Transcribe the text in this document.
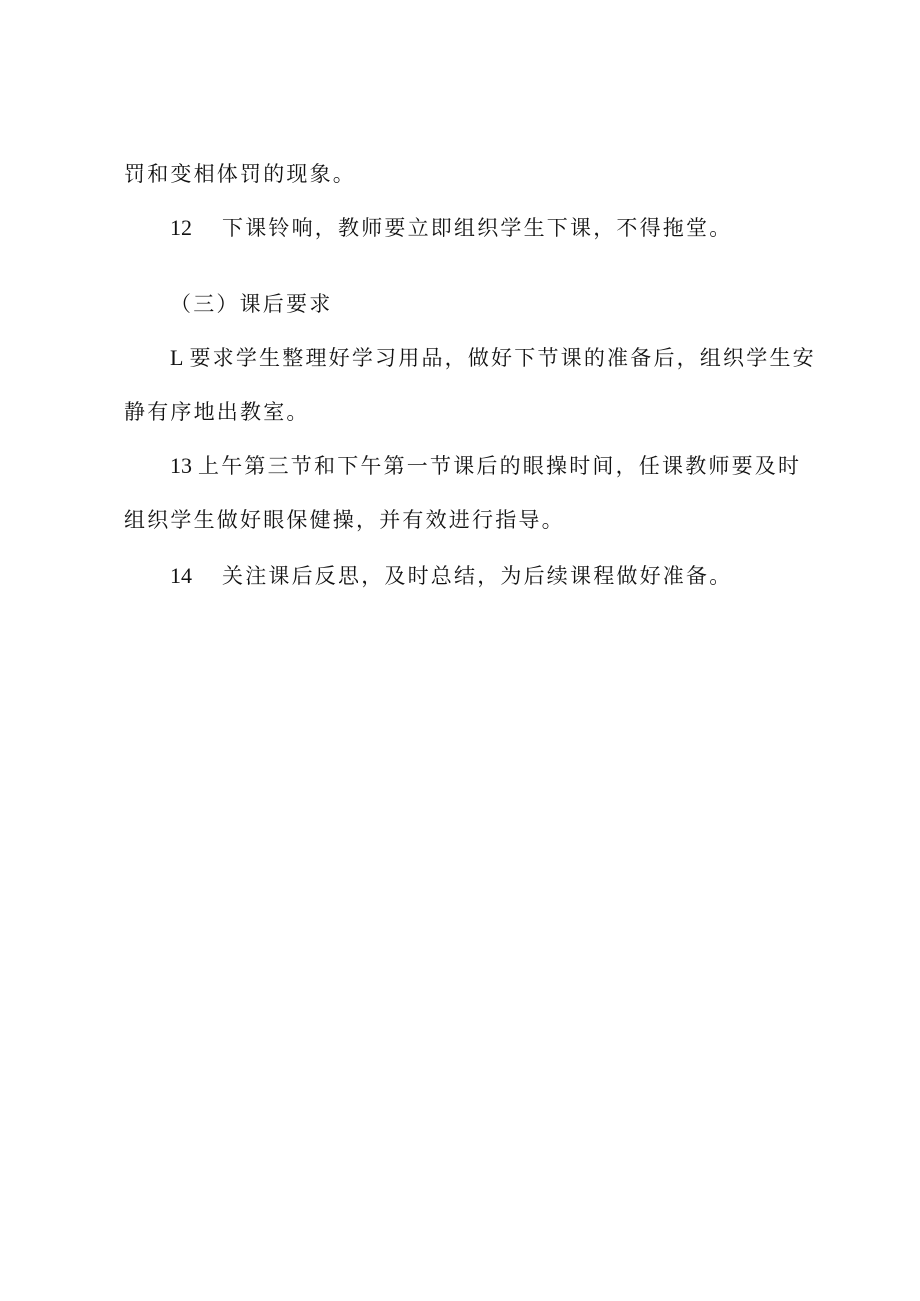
罚和变相体罚的现象。
12 下课铃响，教师要立即组织学生下课，不得拖堂。
（三）课后要求
L 要求学生整理好学习用品，做好下节课的准备后，组织学生安
静有序地出教室。
13 上午第三节和下午第一节课后的眼操时间，任课教师要及时
组织学生做好眼保健操，并有效进行指导。
14 关注课后反思，及时总结，为后续课程做好准备。
